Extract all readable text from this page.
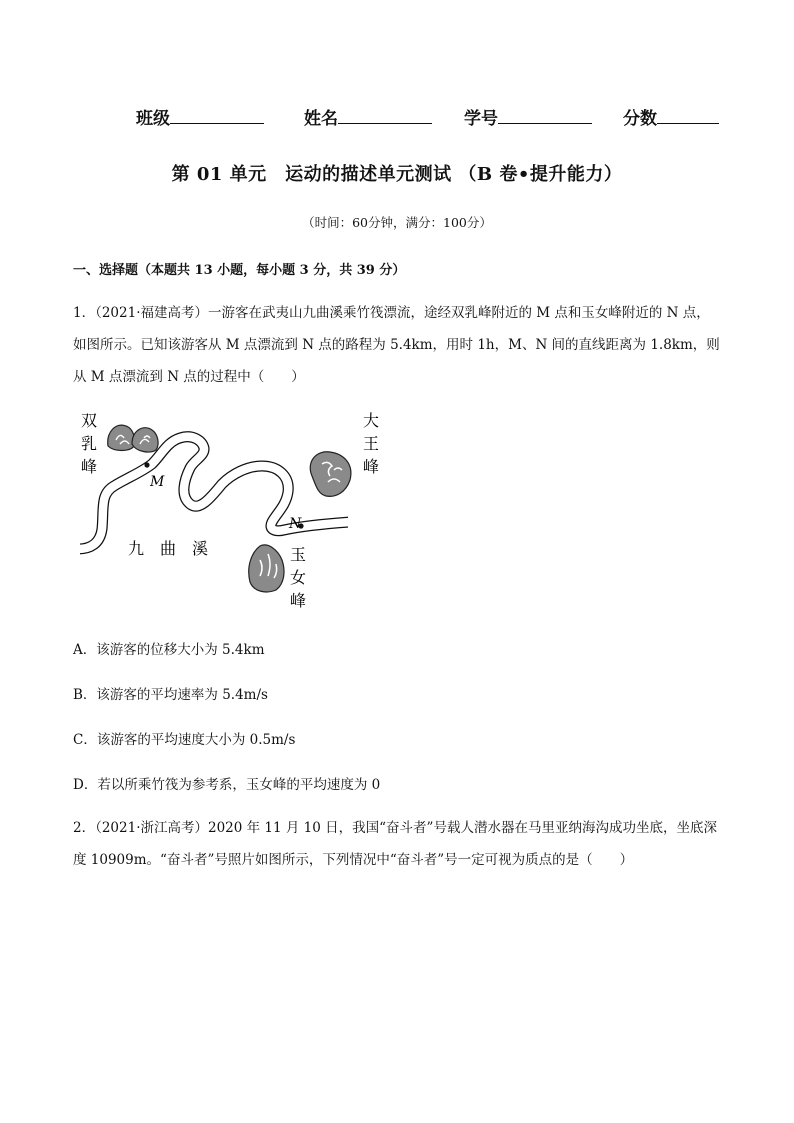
班级	姓名	学号	分数
第 01 单元　运动的描述单元测试 （B 卷•提升能力）
（时间：60分钟，满分：100分）
一、选择题（本题共 13 小题，每小题 3 分，共 39 分）
1．（2021·福建高考）一游客在武夷山九曲溪乘竹筏漂流，途经双乳峰附近的 M 点和玉女峰附近的 N 点，如图所示。已知该游客从 M 点漂流到 N 点的路程为 5.4km，用时 1h，M、N 间的直线距离为 1.8km，则从 M 点漂流到 N 点的过程中（　　）
双
乳
峰
大
王
峰
玉
女
峰
九　曲　溪
M
N
A．该游客的位移大小为 5.4km
B．该游客的平均速率为 5.4m/s
C．该游客的平均速度大小为 0.5m/s
D．若以所乘竹筏为参考系，玉女峰的平均速度为 0
2．（2021·浙江高考）2020 年 11 月 10 日，我国“奋斗者”号载人潜水器在马里亚纳海沟成功坐底，坐底深度 10909m。“奋斗者”号照片如图所示，下列情况中“奋斗者”号一定可视为质点的是（　　）
